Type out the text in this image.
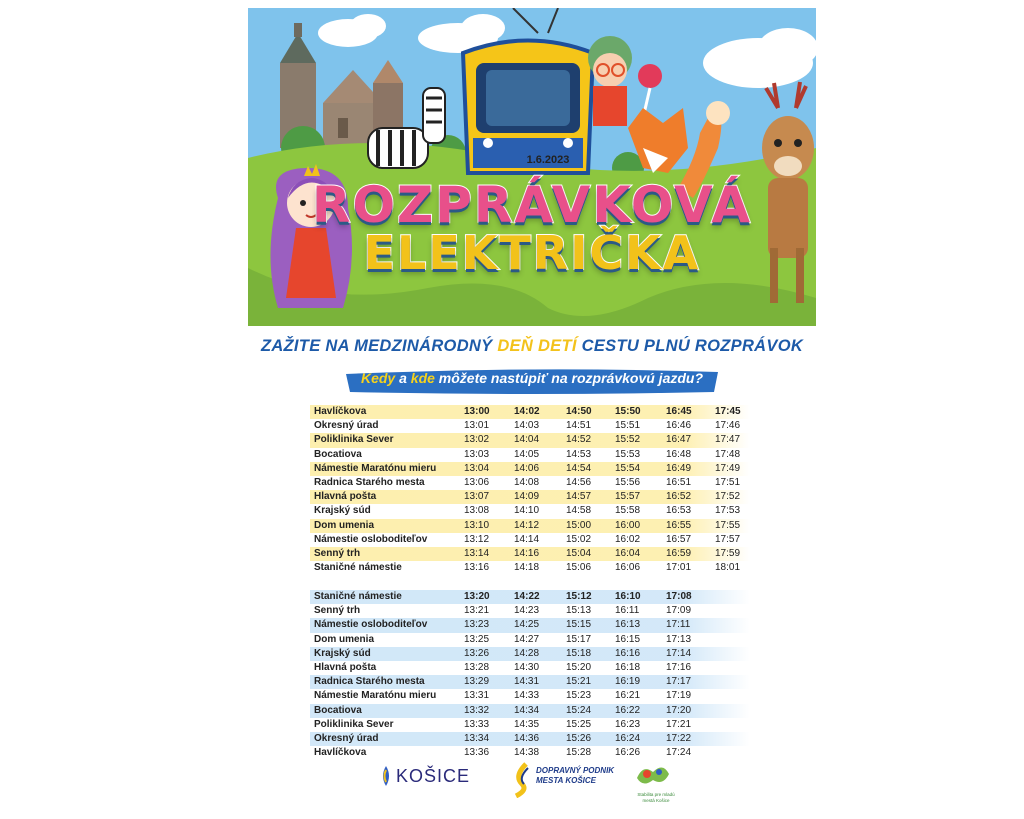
1.6.2023
ROZPRÁVKOVÁ
ELEKTRIČKA
ZAŽITE NA MEDZINÁRODNÝ DEŇ DETÍ CESTU PLNÚ ROZPRÁVOK
Kedy a kde môžete nastúpiť na rozprávkovú jazdu?
Havlíčkova	13:00	14:02	14:50	15:50	16:45	17:45
Okresný úrad	13:01	14:03	14:51	15:51	16:46	17:46
Poliklinika Sever	13:02	14:04	14:52	15:52	16:47	17:47
Bocatiova	13:03	14:05	14:53	15:53	16:48	17:48
Námestie Maratónu mieru	13:04	14:06	14:54	15:54	16:49	17:49
Radnica Starého mesta	13:06	14:08	14:56	15:56	16:51	17:51
Hlavná pošta	13:07	14:09	14:57	15:57	16:52	17:52
Krajský súd	13:08	14:10	14:58	15:58	16:53	17:53
Dom umenia	13:10	14:12	15:00	16:00	16:55	17:55
Námestie osloboditeľov	13:12	14:14	15:02	16:02	16:57	17:57
Senný trh	13:14	14:16	15:04	16:04	16:59	17:59
Staničné námestie	13:16	14:18	15:06	16:06	17:01	18:01
Staničné námestie	13:20	14:22	15:12	16:10	17:08
Senný trh	13:21	14:23	15:13	16:11	17:09
Námestie osloboditeľov	13:23	14:25	15:15	16:13	17:11
Dom umenia	13:25	14:27	15:17	16:15	17:13
Krajský súd	13:26	14:28	15:18	16:16	17:14
Hlavná pošta	13:28	14:30	15:20	16:18	17:16
Radnica Starého mesta	13:29	14:31	15:21	16:19	17:17
Námestie Maratónu mieru	13:31	14:33	15:23	16:21	17:19
Bocatiova	13:32	14:34	15:24	16:22	17:20
Poliklinika Sever	13:33	14:35	15:25	16:23	17:21
Okresný úrad	13:34	14:36	15:26	16:24	17:22
Havlíčkova	13:36	14:38	15:28	16:26	17:24
KOŠICE	DOPRAVNÝ PODNIK
MESTA KOŠICE
Stabilita pre mladú
mestá Košice
